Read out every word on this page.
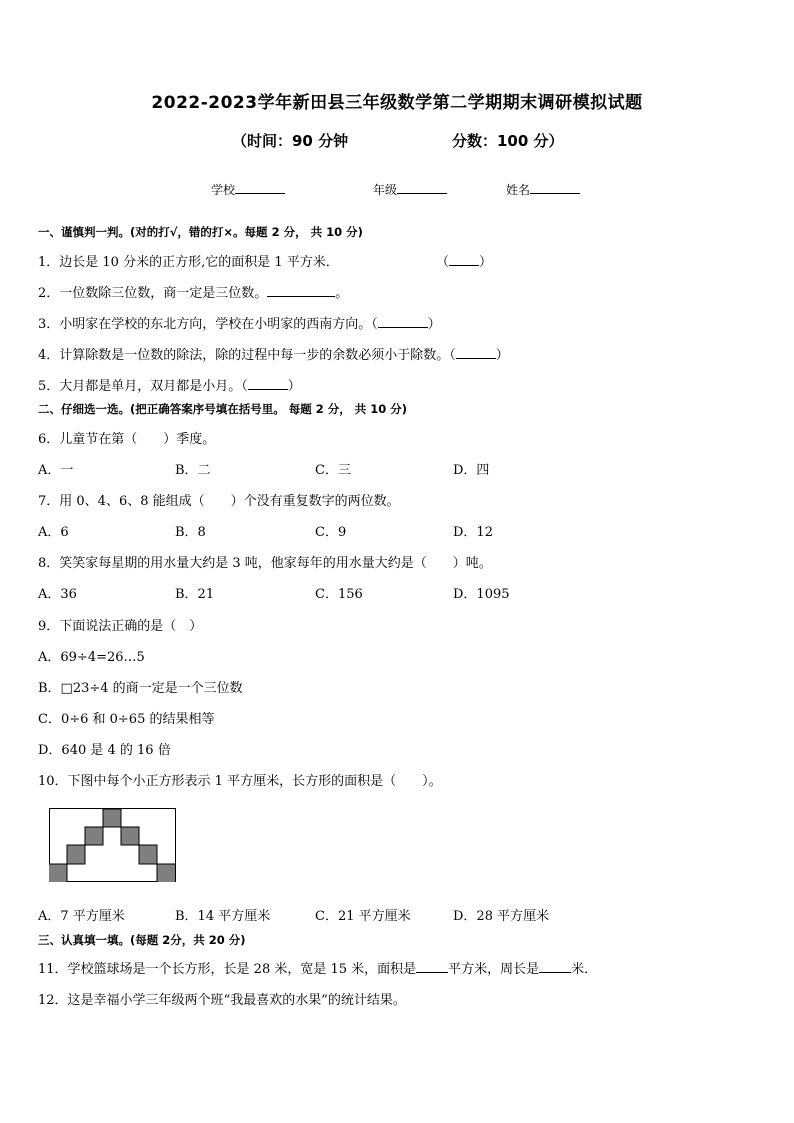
2022-2023学年新田县三年级数学第二学期期末调研模拟试题
（时间：90 分钟	分数：100 分）
学校	年级	姓名
一、谨慎判一判。(对的打√，错的打×。每题 2 分， 共 10 分)
1．边长是 10 分米的正方形,它的面积是 1 平方米．	（ ）
2．一位数除三位数，商一定是三位数。	。
3．小明家在学校的东北方向，学校在小明家的西南方向。（	）
4．计算除数是一位数的除法，除的过程中每一步的余数必须小于除数。（	）
5．大月都是单月，双月都是小月。（	）
二、仔细选一选。(把正确答案序号填在括号里。 每题 2 分， 共 10 分)
6．儿童节在第（　　）季度。
A．一	B．二	C．三	D．四
7．用 0、4、6、8 能组成（　　）个没有重复数字的两位数。
A．6	B．8	C．9	D．12
8．笑笑家每星期的用水量大约是 3 吨，他家每年的用水量大约是（　　）吨。
A．36	B．21	C．156	D．1095
9．下面说法正确的是（　）
A．69÷4=26…5
B．□23÷4 的商一定是一个三位数
C．0÷6 和 0÷65 的结果相等
D．640 是 4 的 16 倍
10．下图中每个小正方形表示 1 平方厘米，长方形的面积是（　　）。
A．7 平方厘米	B．14 平方厘米	C．21 平方厘米	D．28 平方厘米
三、认真填一填。(每题 2分，共 20 分)
11．学校篮球场是一个长方形，长是 28 米，宽是 15 米，面积是 平方米，周长是 米．
12．这是幸福小学三年级两个班“我最喜欢的水果”的统计结果。
